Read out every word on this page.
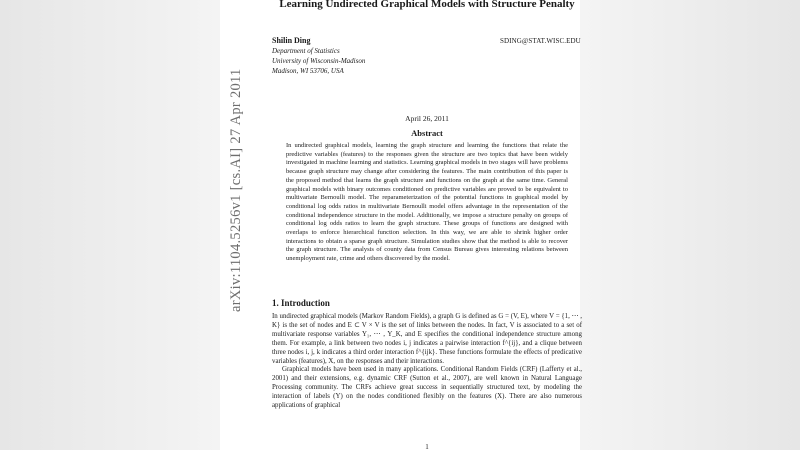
arXiv:1104.5256v1 [cs.AI] 27 Apr 2011
Learning Undirected Graphical Models with Structure Penalty
Shilin Ding	SDING@STAT.WISC.EDU
Department of Statistics
University of Wisconsin-Madison
Madison, WI 53706, USA
April 26, 2011
Abstract
In undirected graphical models, learning the graph structure and learning the functions that relate the predictive variables (features) to the responses given the structure are two topics that have been widely investigated in machine learning and statistics. Learning graphical models in two stages will have problems because graph structure may change after considering the features. The main contribution of this paper is the proposed method that learns the graph structure and functions on the graph at the same time. General graphical models with binary outcomes conditioned on predictive variables are proved to be equivalent to multivariate Bernoulli model. The reparameterization of the potential functions in graphical model by conditional log odds ratios in multivariate Bernoulli model offers advantage in the representation of the conditional independence structure in the model. Additionally, we impose a structure penalty on groups of conditional log odds ratios to learn the graph structure. These groups of functions are designed with overlaps to enforce hierarchical function selection. In this way, we are able to shrink higher order interactions to obtain a sparse graph structure. Simulation studies show that the method is able to recover the graph structure. The analysis of county data from Census Bureau gives interesting relations between unemployment rate, crime and others discovered by the model.
1. Introduction

In undirected graphical models (Markov Random Fields), a graph G is defined as G = (V, E), where V = {1, ⋯ , K} is the set of nodes and E ⊂ V × V is the set of links between the nodes. In fact, V is associated to a set of multivariate response variables Y₁, ⋯ , Y_K, and E specifies the conditional independence structure among them. For example, a link between two nodes i, j indicates a pairwise interaction f^{ij}, and a clique between three nodes i, j, k indicates a third order interaction f^{ijk}. These functions formulate the effects of predicative variables (features), X, on the responses and their interactions.

Graphical models have been used in many applications. Conditional Random Fields (CRF) (Lafferty et al., 2001) and their extensions, e.g. dynamic CRF (Sutton et al., 2007), are well known in Natural Language Processing community. The CRFs achieve great success in sequentially structured text, by modeling the interaction of labels (Y) on the nodes conditioned flexibly on the features (X). There are also numerous applications of graphical

1
